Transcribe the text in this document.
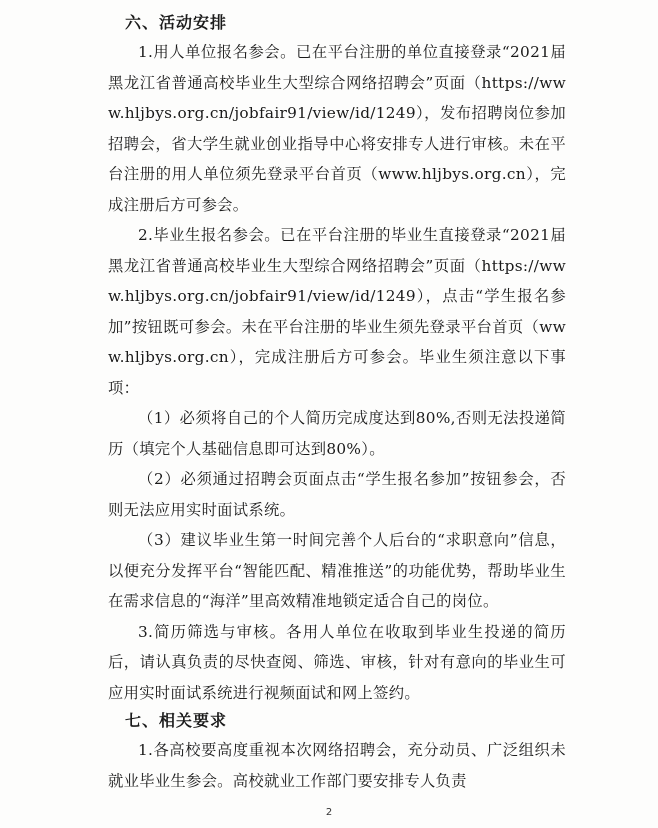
六、活动安排

1.用人单位报名参会。已在平台注册的单位直接登录“2021届黑龙江省普通高校毕业生大型综合网络招聘会”页面（https://www.hljbys.org.cn/jobfair91/view/id/1249），发布招聘岗位参加招聘会，省大学生就业创业指导中心将安排专人进行审核。未在平台注册的用人单位须先登录平台首页（www.hljbys.org.cn），完成注册后方可参会。

2.毕业生报名参会。已在平台注册的毕业生直接登录“2021届黑龙江省普通高校毕业生大型综合网络招聘会”页面（https://www.hljbys.org.cn/jobfair91/view/id/1249），点击“学生报名参加”按钮既可参会。未在平台注册的毕业生须先登录平台首页（www.hljbys.org.cn），完成注册后方可参会。毕业生须注意以下事项：

（1）必须将自己的个人简历完成度达到80%,否则无法投递简历（填完个人基础信息即可达到80%）。

（2）必须通过招聘会页面点击“学生报名参加”按钮参会，否则无法应用实时面试系统。

（3）建议毕业生第一时间完善个人后台的“求职意向”信息，以便充分发挥平台“智能匹配、精准推送”的功能优势，帮助毕业生在需求信息的“海洋”里高效精准地锁定适合自己的岗位。

3.简历筛选与审核。各用人单位在收取到毕业生投递的简历后，请认真负责的尽快查阅、筛选、审核，针对有意向的毕业生可应用实时面试系统进行视频面试和网上签约。

七、相关要求

1.各高校要高度重视本次网络招聘会，充分动员、广泛组织未就业毕业生参会。高校就业工作部门要安排专人负责

2
